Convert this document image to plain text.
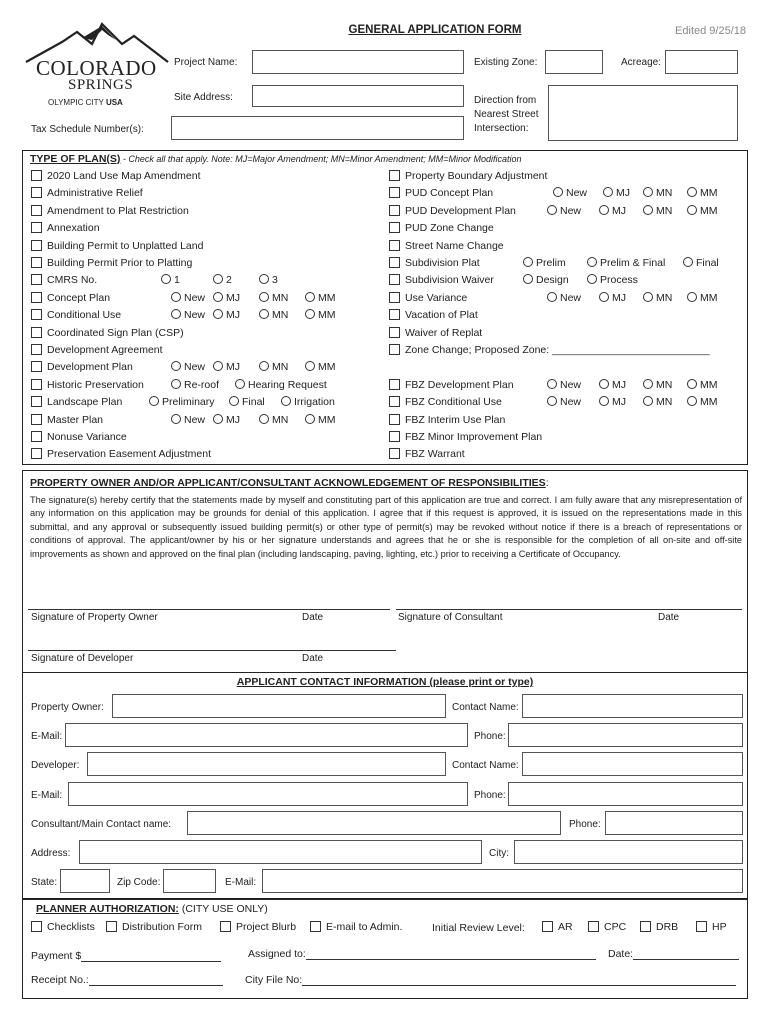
GENERAL APPLICATION FORM	Edited 9/25/18
COLORADO
SPRINGS
OLYMPIC CITY USA
Project Name:	Existing Zone:	Acreage:
Site Address:	Direction from
Nearest Street
Intersection:
Tax Schedule Number(s):
TYPE OF PLAN(S) - Check all that apply. Note: MJ=Major Amendment; MN=Minor Amendment; MM=Minor Modification
2020 Land Use Map Amendment
Administrative Relief
Amendment to Plat Restriction
Annexation
Building Permit to Unplatted Land
Building Permit Prior to Platting
CMRS No.	1	2	3
Concept Plan	New	MJ	MN	MM
Conditional Use	New	MJ	MN	MM
Coordinated Sign Plan (CSP)
Development Agreement
Development Plan	New	MJ	MN	MM
Historic Preservation	Re-roof	Hearing Request
Landscape Plan	Preliminary	Final	Irrigation
Master Plan	New	MJ	MN	MM
Nonuse Variance
Preservation Easement Adjustment
Property Boundary Adjustment
PUD Concept Plan	New	MJ	MN	MM
PUD Development Plan	New	MJ	MN	MM
PUD Zone Change
Street Name Change
Subdivision Plat	Prelim	Prelim & Final	Final
Subdivision Waiver	Design	Process
Use Variance	New	MJ	MN	MM
Vacation of Plat
Waiver of Replat
Zone Change; Proposed Zone: ___________________________
FBZ Development Plan	New	MJ	MN	MM
FBZ Conditional Use	New	MJ	MN	MM
FBZ Interim Use Plan
FBZ Minor Improvement Plan
FBZ Warrant
PROPERTY OWNER AND/OR APPLICANT/CONSULTANT ACKNOWLEDGEMENT OF RESPONSIBILITIES:
The signature(s) hereby certify that the statements made by myself and constituting part of this application are true and correct. I am fully aware that any misrepresentation of any information on this application may be grounds for denial of this application. I agree that if this request is approved, it is issued on the representations made in this submittal, and any approval or subsequently issued building permit(s) or other type of permit(s) may be revoked without notice if there is a breach of representations or conditions of approval. The applicant/owner by his or her signature understands and agrees that he or she is responsible for the completion of all on-site and off-site improvements as shown and approved on the final plan (including landscaping, paving, lighting, etc.) prior to receiving a Certificate of Occupancy.
Signature of Property Owner	Date	Signature of Consultant	Date
Signature of Developer	Date
APPLICANT CONTACT INFORMATION (please print or type)
Property Owner:	Contact Name:
E-Mail:	Phone:
Developer:	Contact Name:
E-Mail:	Phone:
Consultant/Main Contact name:	Phone:
Address:	City:
State:	Zip Code:	E-Mail:
PLANNER AUTHORIZATION: (CITY USE ONLY)
Checklists	Distribution Form	Project Blurb	E-mail to Admin.	Initial Review Level:	AR	CPC	DRB	HP
Payment $	Assigned to:	Date:
Receipt No.:	City File No:
